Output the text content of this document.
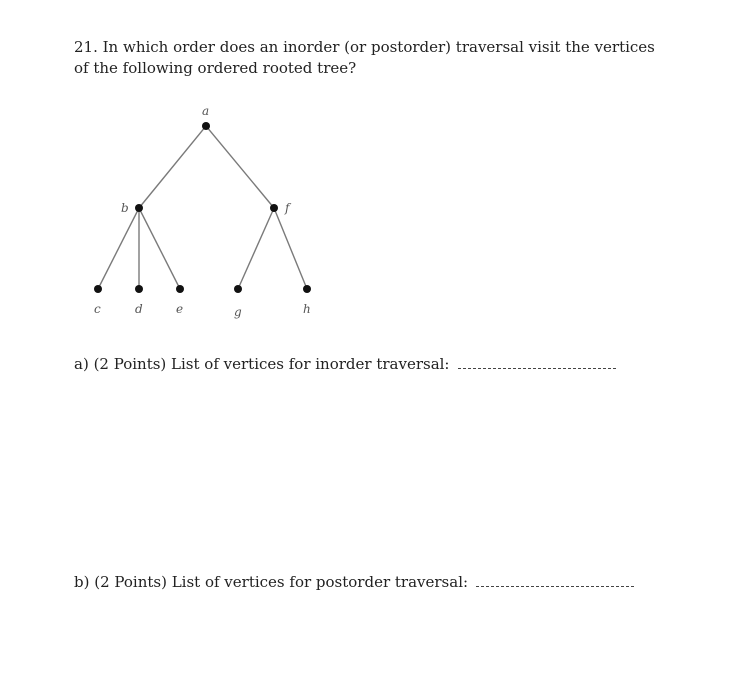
21. In which order does an inorder (or postorder) traversal visit the vertices of the following ordered rooted tree?
a
b	f
c	d	e	g	h
a) (2 Points) List of vertices for inorder traversal:
b) (2 Points) List of vertices for postorder traversal:
